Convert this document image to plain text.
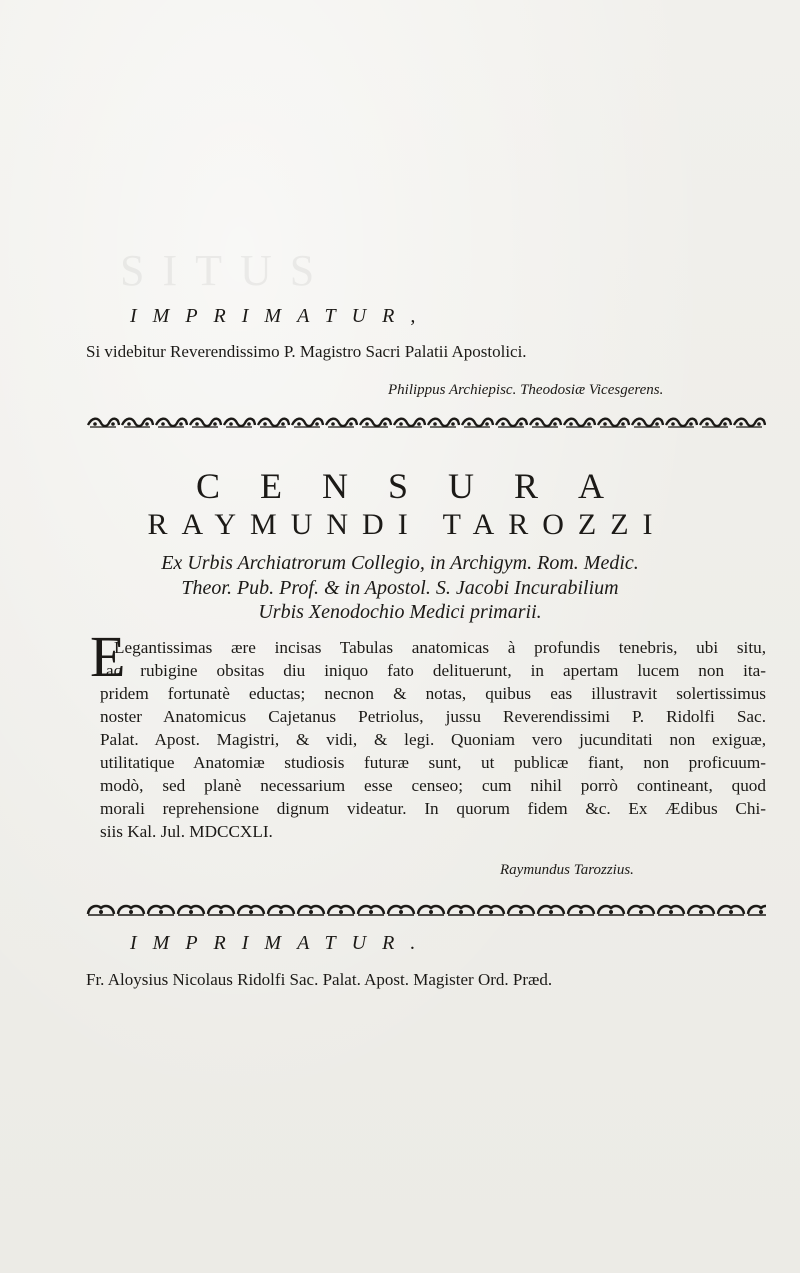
SITUS
IMPRIMATUR,
Si videbitur Reverendissimo P. Magistro Sacri Palatii Apostolici.
Philippus Archiepisc. Theodosiæ Vicesgerens.
CENSURA
RAYMUNDI TAROZZI
Ex Urbis Archiatrorum Collegio, in Archigym. Rom. Medic.
Theor. Pub. Prof. & in Apostol. S. Jacobi Incurabilium
Urbis Xenodochio Medici primarii.
E
Legantissimas ære incisas Tabulas anatomicas à profundis tenebris, ubi situ,
ac rubigine obsitas diu iniquo fato delituerunt, in apertam lucem non ita-
pridem fortunatè eductas; necnon & notas, quibus eas illustravit solertissimus
noster Anatomicus Cajetanus Petriolus, jussu Reverendissimi P. Ridolfi Sac.
Palat. Apost. Magistri, & vidi, & legi. Quoniam vero jucunditati non exiguæ,
utilitatique Anatomiæ studiosis futuræ sunt, ut publicæ fiant, non proficuum-
modò, sed planè necessarium esse censeo; cum nihil porrò contineant, quod
morali reprehensione dignum videatur. In quorum fidem &c. Ex Ædibus Chi-
siis Kal. Jul. MDCCXLI.
Raymundus Tarozzius.
IMPRIMATUR.
Fr. Aloysius Nicolaus Ridolfi Sac. Palat. Apost. Magister Ord. Præd.
